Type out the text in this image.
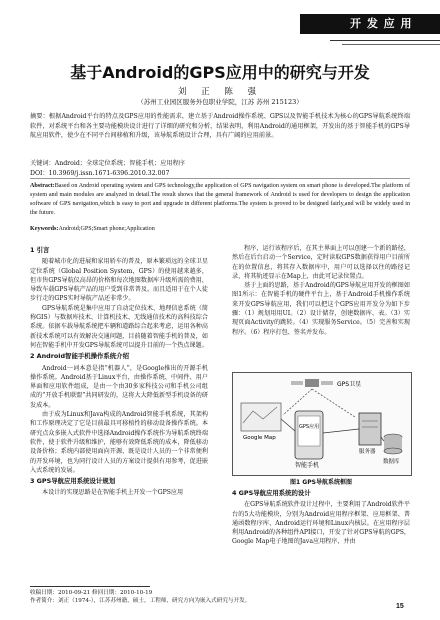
开 发 应 用
基于Android的GPS应用中的研究与开发
刘 正 陈 强
（苏州工业园区服务外包职业学院，江苏 苏州 215123）
摘要：根据Android平台的特点及GPS应用的性能需求，建立基于Android操作系统、GPS以及智能手机技术为核心的GPS导航系统终端软件，对系统平台和各主要功能模块设计进行了详细的研究和分析，结果表明，利用Android的通用框架，开发出的基于智能手机的GPS导航应用软件，使少在不同平台间移植和升级，该导航系统设计合理，具有广阔的应用前景。
关键词：Android；全球定位系统；智能手机；应用程序
DOI：10.3969/j.issn.1671-6396.2010.32.007
Abstract:Based on Android operating system and GPS technology,the application of GPS navigation system on smart phone is developed.The platform of system and main modules are analyzed in detail.The result shows that the general framework of Android is used for developers to design the application software of GPS navigation,which is easy to port and upgrade in different platforms.The system is proved to be designed fairly,and will be widely used in the future.
Keywords:Android;GPS;Smart phone;Application
1 引言

随着城市化的进展和家用轿车的普及，原本繁琐远的全球卫星定位系统（Global Position System，GPS）的使用越来越多，但市售GPS导航仪高昂的价格和每次地图数据库升级所需的费用，导致车载GPS导航产品的用户受到非常普及。而且适用于在个人徒步行走的GPS实时导航产品还非常少。

GPS导航系统是集中应用了自动定位技术、地理信息系统（简称GIS）与数据库技术、计算机技术、无线通信技术的高科技综合系统。依据车载导航系统把车辆和道路综合起来考虑，运用各种高新技术系统可以有效解决交通问题，目前随着智能手机的普及，如何在智能手机中开发GPS导航系统可以提升目前的一个热点课题。

2 Android智能手机操作系统介绍

Android一词本意是指“机器人”，是Google推出的开源手机操作系统。Android基于Linux平台，由操作系统、中间件、用户界面和应用软件组成，是由一个由30多家科技公司和手机公司组成的“开放手机联盟”共同研发的，这将大大降低新型手机设备的研发成本。

由于成为Linux和Java构成的Android智能手机系统，其架构和工作原理决定了它是目前最具可移植性的移动设备操作系统。本研究点众多嵌入式软件中选择Android操作系统作为导航系统终端软件，使于软件升级和维护，能够有效降低系统的成本，降低移动设备价格；系统内部使用面向开源，既是设计人员的一个非常便利的开发环境，也为同行设计人员的方案设计提供有用参考，促进嵌入式系统的发展。

3 GPS导航应用系统设计规划

本设计的实现思路是在智能手机上开发一个GPS应用

程序，运行该程序后，在其主界面上可以创建一个新的路径，然后在后台启动一个Service，定时读取GPS数据获得用户目前所在的位置信息，将其存入数据库中，用户可以选择以往的路径记录，将其轨迹显示在Map上，由此可记录位置点。

基于上面的思路，基于Android的GPS导航应用开发的框图如图1所示：在智能手机的硬件平台上，基于Android手机操作系统来开发GPS导航应用，我们可以把这个GPS应用开发分为如下步骤：（1）规划用用UI。（2）设计储存，创建数据库、表。（3）实现页面Activity的跳转。（4）实现服务Service。（5）完善和实现程序。（6）程序打包、签名并发布。

GPS卫星
GPS应用
智能手机
Google Map
服务器
数据库
图1 GPS导航系统框图
4 GPS导航应用系统的设计

在GPS导航系统软件设计过程中，主要利用了Android软件平台的5大功能模块，分别为Android应用程序框架、应用框架、普通函数程序库、Android运行环境和Linux内核层。在应用程序层利用Android的各种组件API接口，开发了针对GPS导航的GPS，Google Map电子地图的Java应用程序，并由

收稿日期：2010-09-21 修回日期：2010-10-19
作者简介：刘正（1974-），江苏苏州籍，硕士，工程师，研究方向为嵌入式研究与开发。
15
